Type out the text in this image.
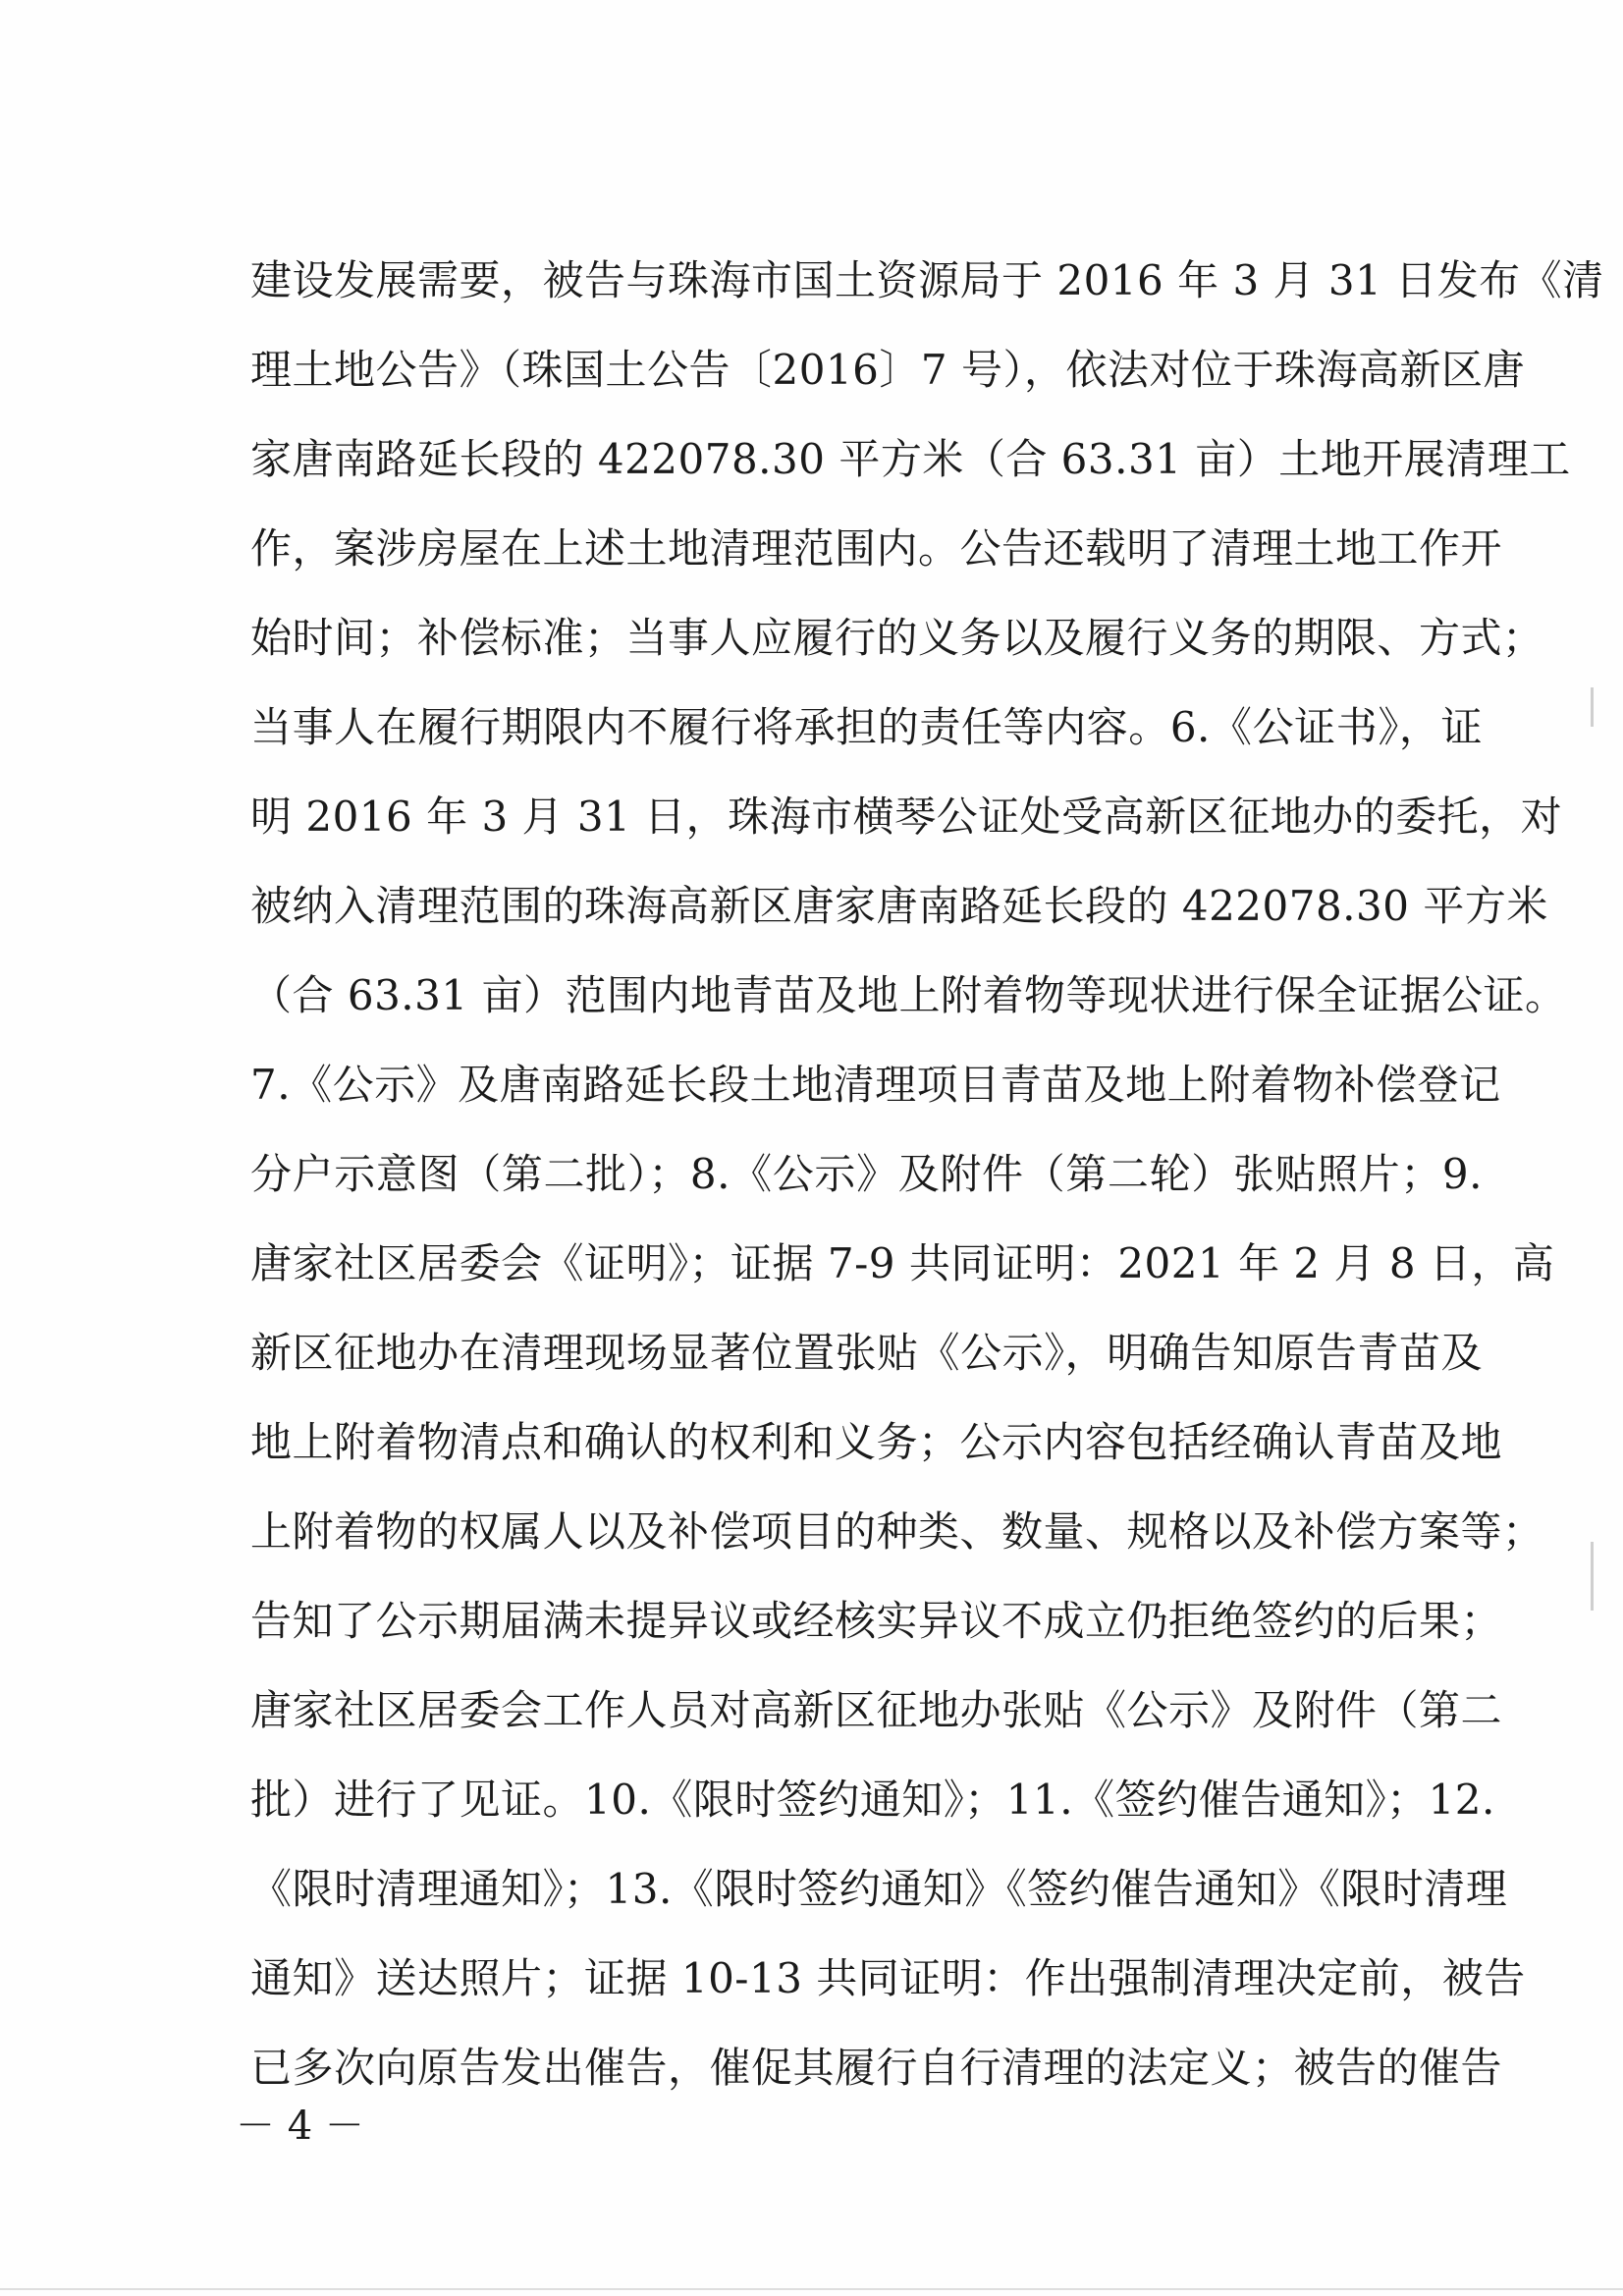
建设发展需要，被告与珠海市国土资源局于 2016 年 3 月 31 日发布《清
理土地公告》（珠国土公告〔2016〕7 号），依法对位于珠海高新区唐
家唐南路延长段的 422078.30 平方米（合 63.31 亩）土地开展清理工
作，案涉房屋在上述土地清理范围内。公告还载明了清理土地工作开
始时间；补偿标准；当事人应履行的义务以及履行义务的期限、方式；
当事人在履行期限内不履行将承担的责任等内容。6.《公证书》，证
明 2016 年 3 月 31 日，珠海市横琴公证处受高新区征地办的委托，对
被纳入清理范围的珠海高新区唐家唐南路延长段的 422078.30 平方米
（合 63.31 亩）范围内地青苗及地上附着物等现状进行保全证据公证。
7.《公示》及唐南路延长段土地清理项目青苗及地上附着物补偿登记
分户示意图（第二批）；8.《公示》及附件（第二轮）张贴照片；9.
唐家社区居委会《证明》；证据 7-9 共同证明：2021 年 2 月 8 日，高
新区征地办在清理现场显著位置张贴《公示》，明确告知原告青苗及
地上附着物清点和确认的权利和义务；公示内容包括经确认青苗及地
上附着物的权属人以及补偿项目的种类、数量、规格以及补偿方案等；
告知了公示期届满未提异议或经核实异议不成立仍拒绝签约的后果；
唐家社区居委会工作人员对高新区征地办张贴《公示》及附件（第二
批）进行了见证。10.《限时签约通知》；11.《签约催告通知》；12.
《限时清理通知》；13.《限时签约通知》《签约催告通知》《限时清理
通知》送达照片；证据 10-13 共同证明：作出强制清理决定前，被告
已多次向原告发出催告，催促其履行自行清理的法定义；被告的催告
－ 4 －
